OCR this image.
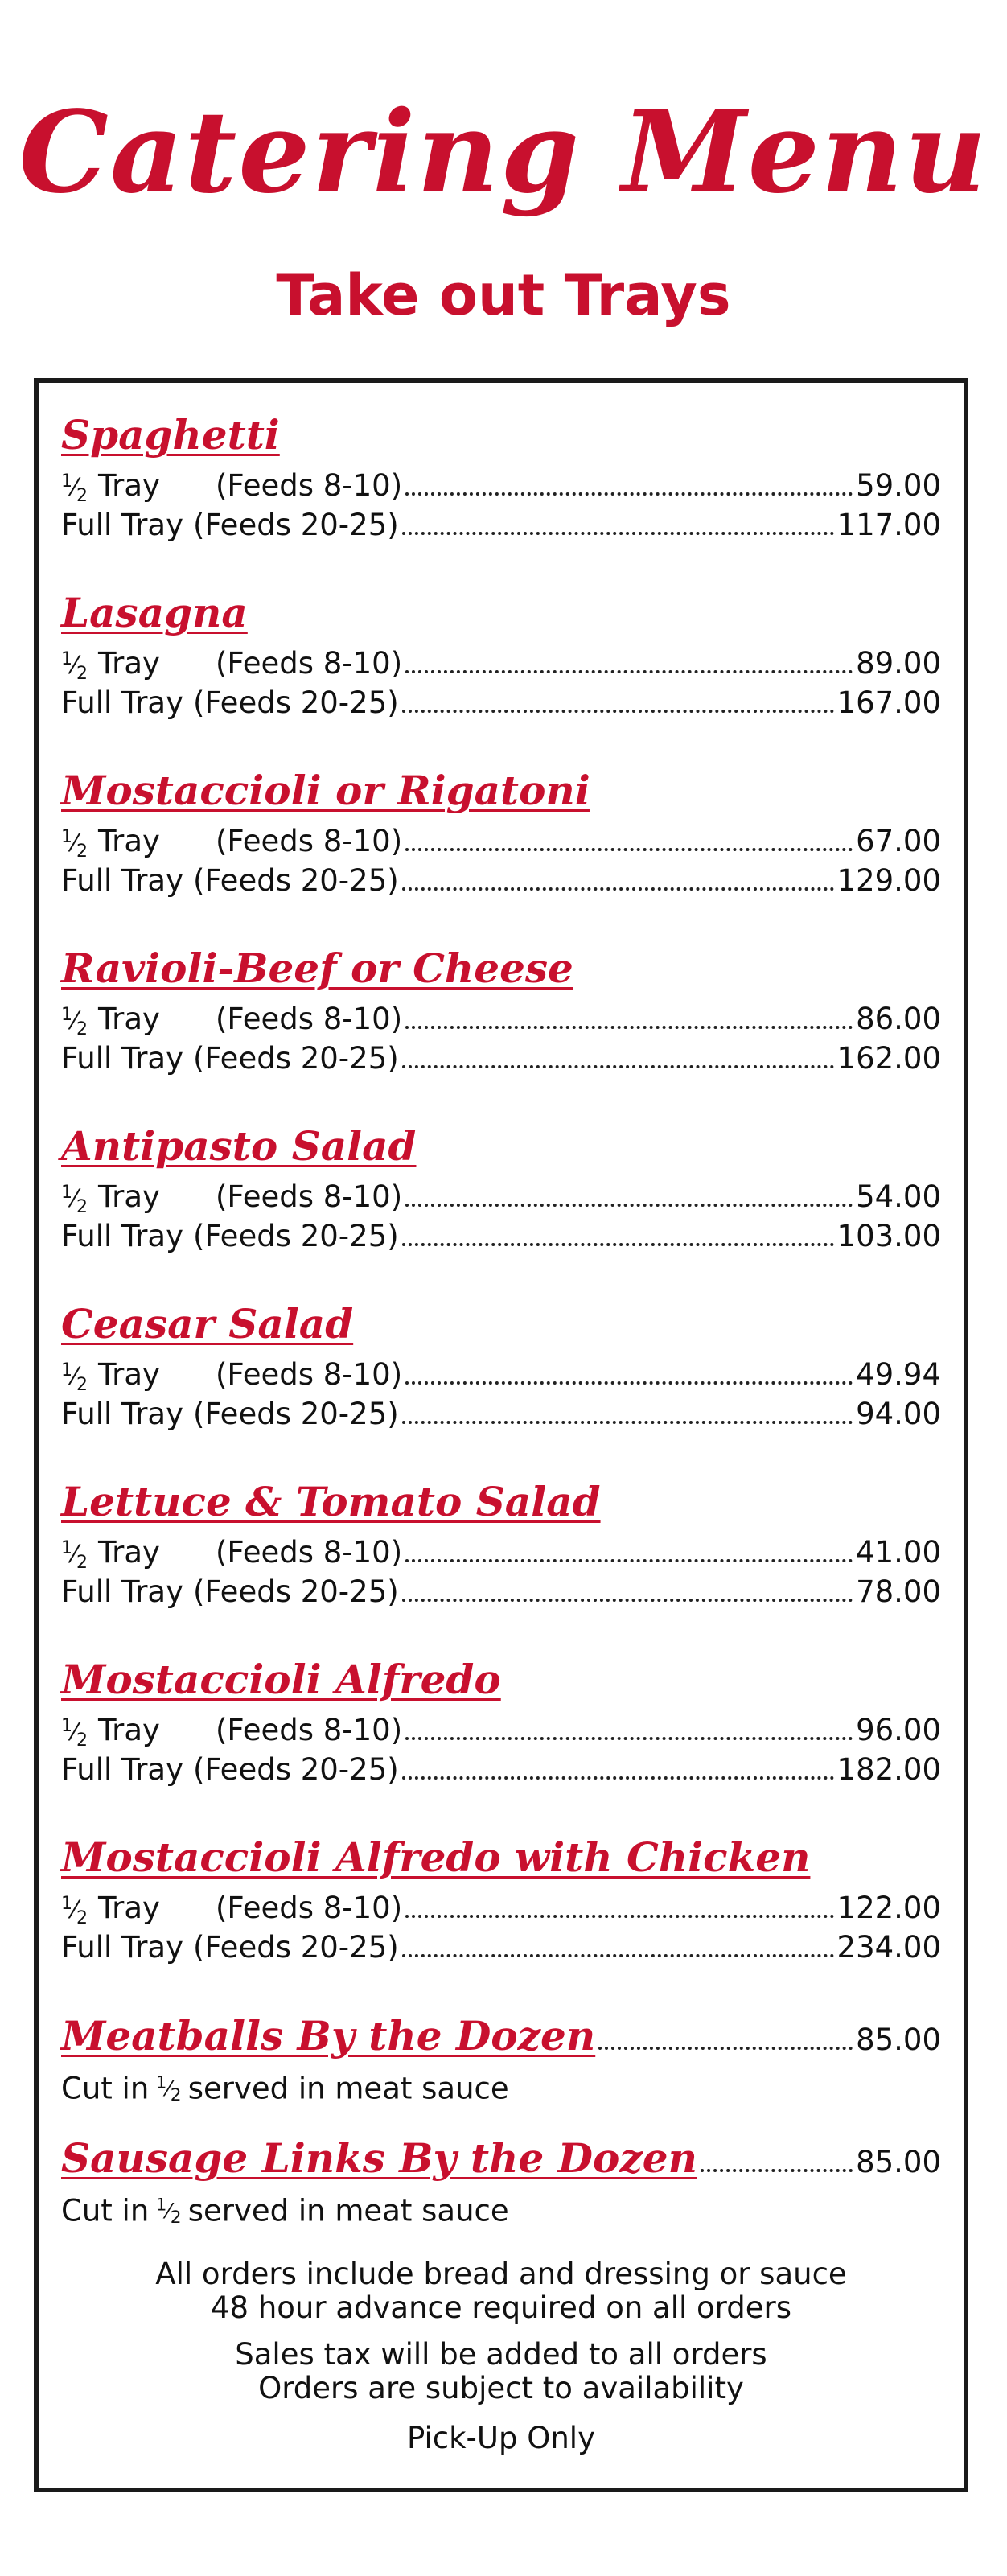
Catering Menu
Take out Trays
Spaghetti
$^1⁄_2$ Tray	(Feeds 8-10)	59.00
Full Tray (Feeds 20-25)	117.00
Lasagna
$^1⁄_2$ Tray	(Feeds 8-10)	89.00
Full Tray (Feeds 20-25)	167.00
Mostaccioli or Rigatoni
$^1⁄_2$ Tray	(Feeds 8-10)	67.00
Full Tray (Feeds 20-25)	129.00
Ravioli-Beef or Cheese
$^1⁄_2$ Tray	(Feeds 8-10)	86.00
Full Tray (Feeds 20-25)	162.00
Antipasto Salad
$^1⁄_2$ Tray	(Feeds 8-10)	54.00
Full Tray (Feeds 20-25)	103.00
Ceasar Salad
$^1⁄_2$ Tray	(Feeds 8-10)	49.94
Full Tray (Feeds 20-25)	94.00
Lettuce & Tomato Salad
$^1⁄_2$ Tray	(Feeds 8-10)	41.00
Full Tray (Feeds 20-25)	78.00
Mostaccioli Alfredo
$^1⁄_2$ Tray	(Feeds 8-10)	96.00
Full Tray (Feeds 20-25)	182.00
Mostaccioli Alfredo with Chicken
$^1⁄_2$ Tray	(Feeds 8-10)	122.00
Full Tray (Feeds 20-25)	234.00
Meatballs By the Dozen	85.00
Cut in $^1⁄_2$ served in meat sauce
Sausage Links By the Dozen	85.00
Cut in $^1⁄_2$ served in meat sauce
All orders include bread and dressing or sauce
48 hour advance required on all orders
Sales tax will be added to all orders
Orders are subject to availability
Pick-Up Only
